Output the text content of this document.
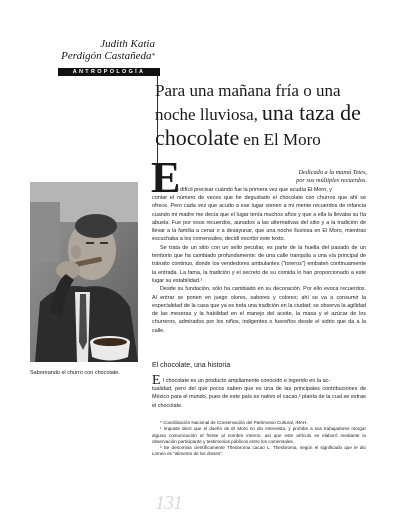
Judith Katia
Perdigón Castañeda*
ANTROPOLOGÍA
Para una mañana fría o una
noche lluviosa, una taza de
chocolate en El Moro
Dedicado a la mamá Tetes,
por sus múltiples recuerdos.
Saboreando el churro con chocolate.
E
s difícil precisar cuándo fue la primera vez que acudía El Moro, y
contar el número de veces que he degustado el chocolate con churros que ahí se ofrece. Pero cada vez que acudo a ese lugar vienen a mi mente recuerdos de infancia cuando mi madre me decía que el lugar tenía muchos años y que a ella la llevaba su tía abuela. Fue por esos recuerdos, aunados a las alternativas del sitio y a la tradición de llevar a la familia a cenar o a desayunar, que una noche lluviosa en El Moro, mientras escuchaba a los comensales, decidí escribir este texto.
Se trata de un sitio con un sello peculiar, es parte de la huella del pasado de un territorio que ha cambiado profundamente: de una calle tranquila a una vía principal de tránsito continuo, donde los vendedores ambulantes ("toreros") embaten continuamente la entrada. La fama, la tradición y el secreto de su comida lo han proporcionado a este lugar su estabilidad.¹
Desde su fundación, sólo ha cambiado en su decoración. Por ello evoca recuerdos. Al entrar se ponen en juego olores, sabores y colores; ahí se va a consumir la especialidad de la casa que ya es toda una tradición en la ciudad; se observa la agilidad de las meseras y la habilidad en el manejo del aceite, la masa y el azúcar de los churreros, admirados por los niños, indigentes o fuereños desde el vidrio que da a la calle.
El chocolate, una historia
E l chocolate es un producto ampliamente conocido e ingerido en la ac-
tualidad, pero del que pocos saben que es una de las principales contribuciones de México para el mundo, pues de este país es nativo el cacao,² planta de la cual se extrae el chocolate.
* Coordinación Nacional de Conservación del Patrimonio Cultural, INAH.
¹ Imposte decir que el dueño de El Moro no dio entrevista, y prohibe a sus trabajadores otorgar alguna comunicación al frente al nombre interno, así que este artículo se elaboró mediante la observación participante y testimonios públicos entre los comensales.
² Se denomina científicamente Theobroma cacao L. Theobroma, según el significado que le dio Linneo es "alimento de los dioses".
131
